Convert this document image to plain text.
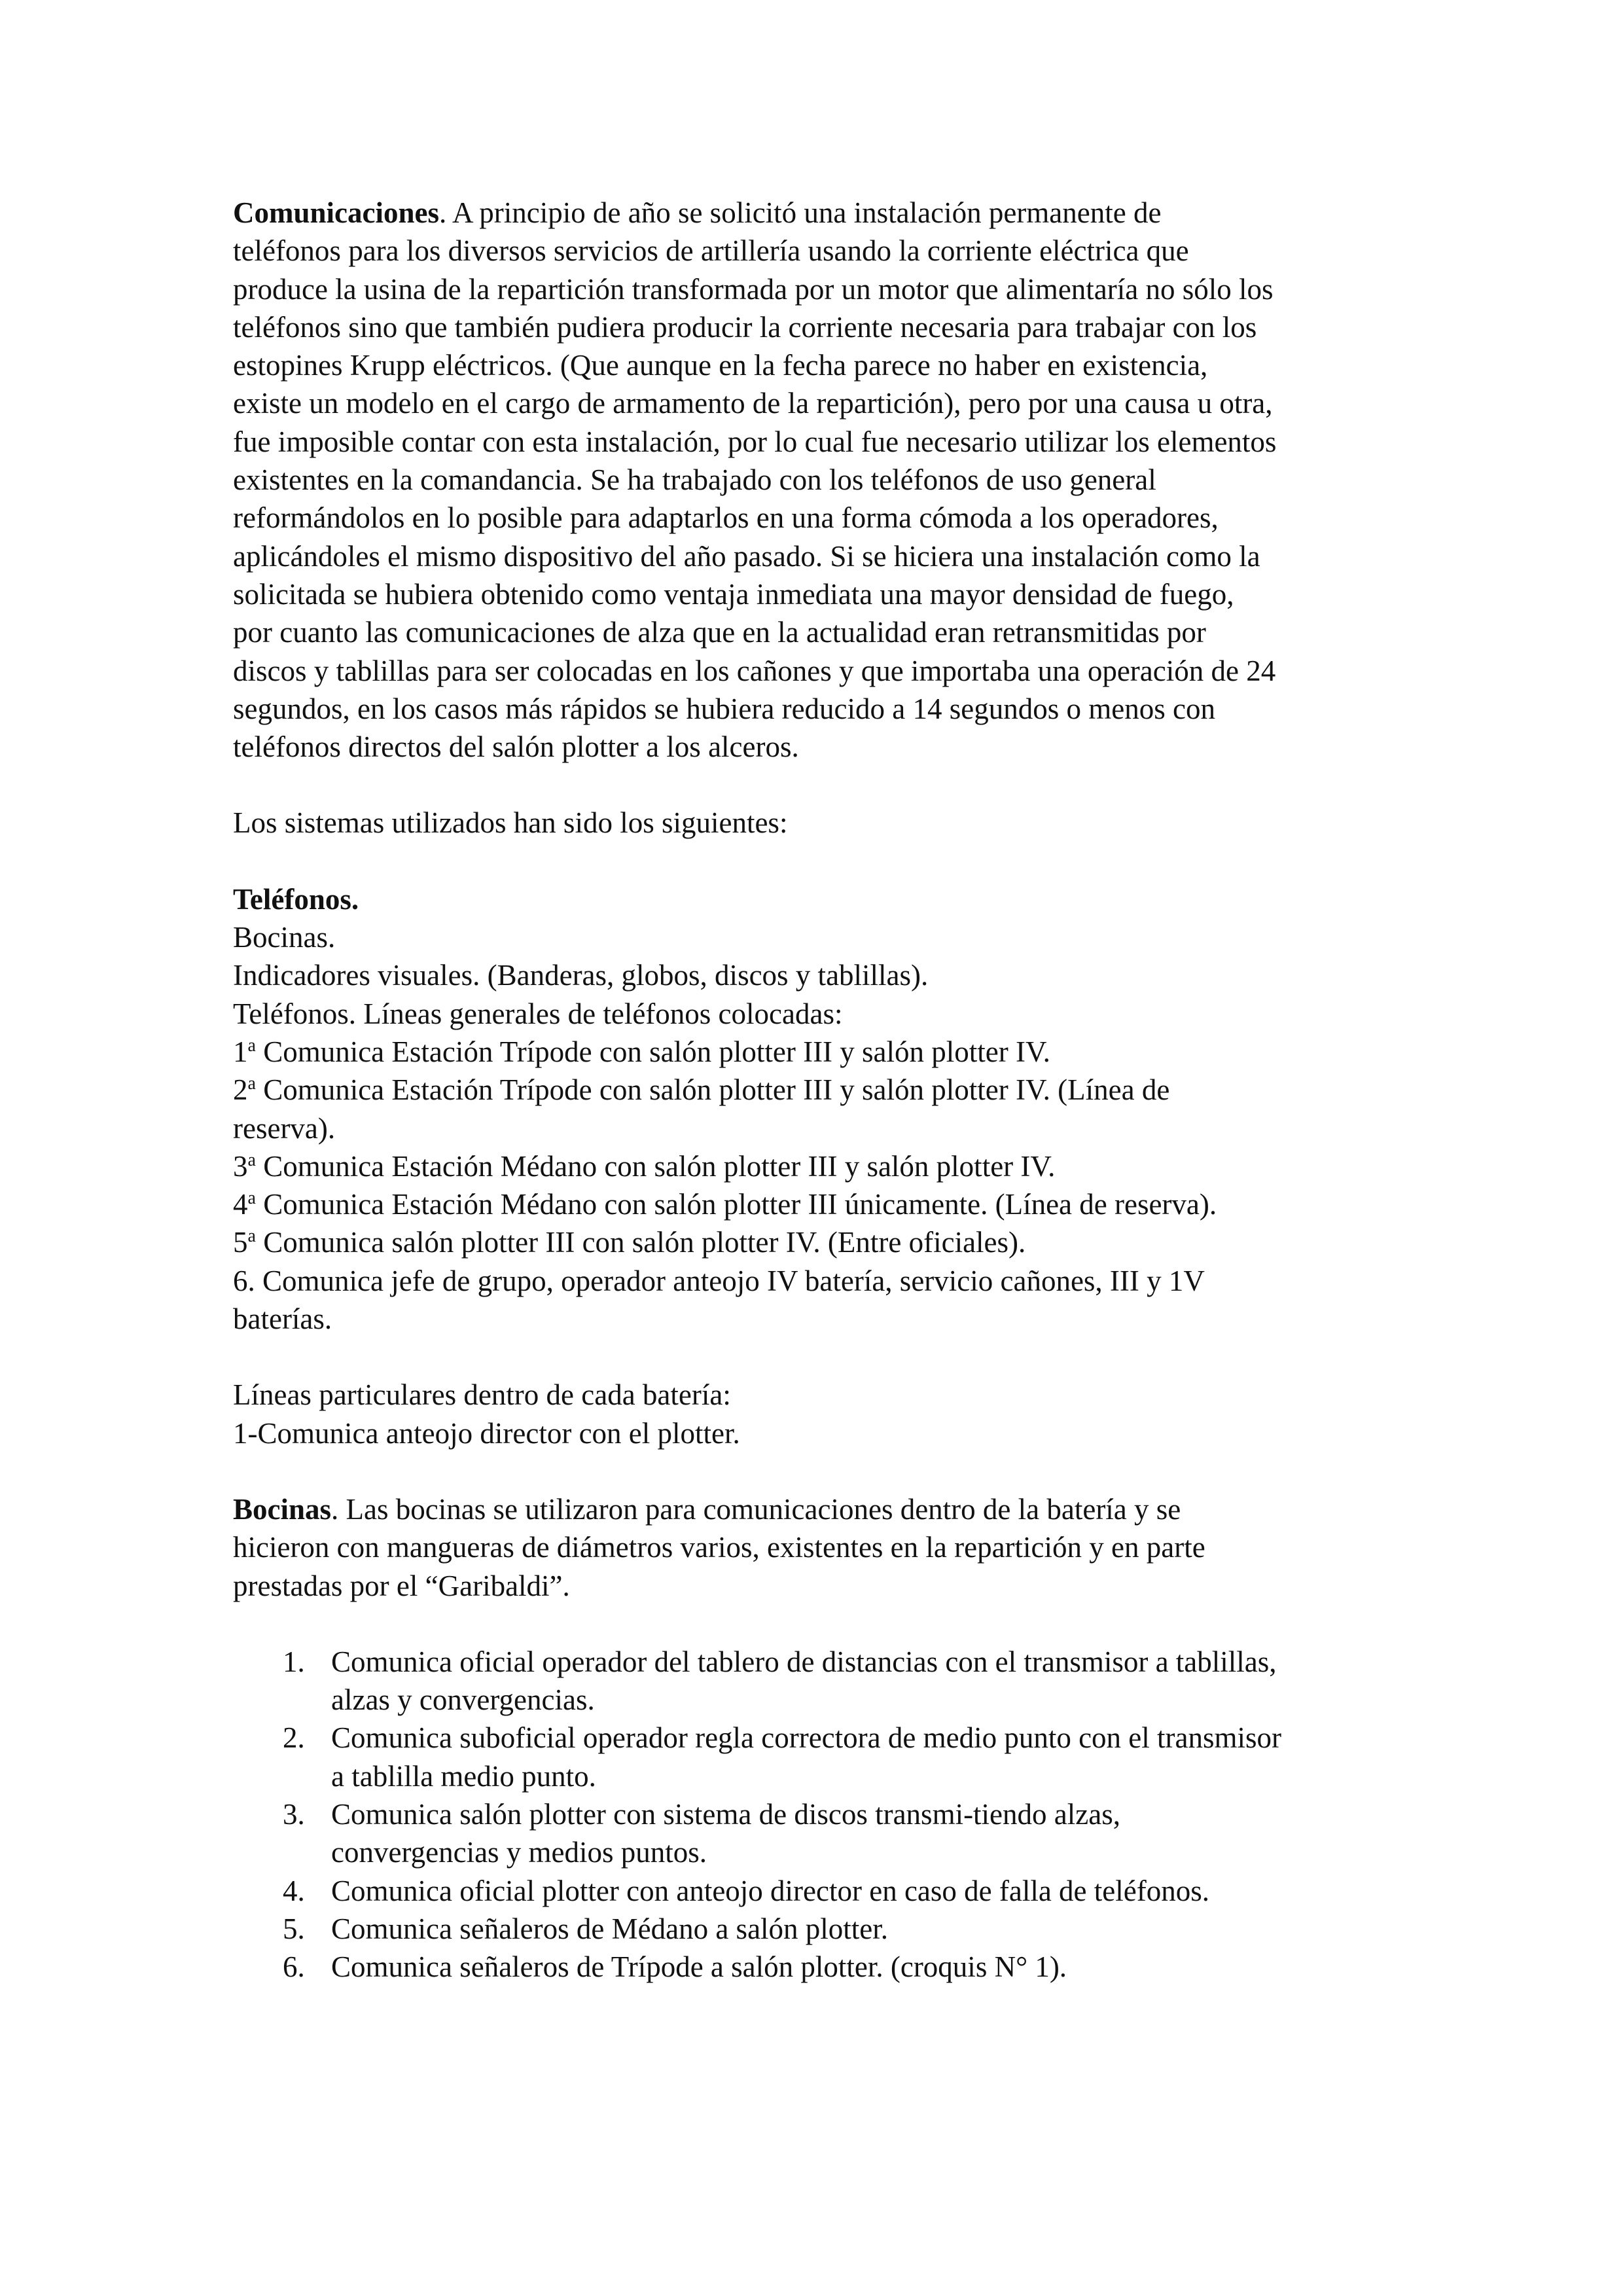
Comunicaciones. A principio de año se solicitó una instalación permanente de

teléfonos para los diversos servicios de artillería usando la corriente eléctrica que

produce la usina de la repartición transformada por un motor que alimentaría no sólo los

teléfonos sino que también pudiera producir la corriente necesaria para trabajar con los

estopines Krupp eléctricos. (Que aunque en la fecha parece no haber en existencia,

existe un modelo en el cargo de armamento de la repartición), pero por una causa u otra,

fue imposible contar con esta instalación, por lo cual fue necesario utilizar los elementos

existentes en la comandancia. Se ha trabajado con los teléfonos de uso general

reformándolos en lo posible para adaptarlos en una forma cómoda a los operadores,

aplicándoles el mismo dispositivo del año pasado. Si se hiciera una instalación como la

solicitada se hubiera obtenido como ventaja inmediata una mayor densidad de fuego,

por cuanto las comunicaciones de alza que en la actualidad eran retransmitidas por

discos y tablillas para ser colocadas en los cañones y que importaba una operación de 24

segundos, en los casos más rápidos se hubiera reducido a 14 segundos o menos con

teléfonos directos del salón plotter a los alceros.

Los sistemas utilizados han sido los siguientes:

Teléfonos.

Bocinas.

Indicadores visuales. (Banderas, globos, discos y tablillas).

Teléfonos. Líneas generales de teléfonos colocadas:

1$^a$ Comunica Estación Trípode con salón plotter III y salón plotter IV.

2$^a$ Comunica Estación Trípode con salón plotter III y salón plotter IV. (Línea de

reserva).

3$^a$ Comunica Estación Médano con salón plotter III y salón plotter IV.

4$^a$ Comunica Estación Médano con salón plotter III únicamente. (Línea de reserva).

5$^a$ Comunica salón plotter III con salón plotter IV. (Entre oficiales).

6. Comunica jefe de grupo, operador anteojo IV batería, servicio cañones, III y 1V

baterías.

Líneas particulares dentro de cada batería:

1-Comunica anteojo director con el plotter.

Bocinas. Las bocinas se utilizaron para comunicaciones dentro de la batería y se

hicieron con mangueras de diámetros varios, existentes en la repartición y en parte

prestadas por el “Garibaldi”.

1. Comunica oficial operador del tablero de distancias con el transmisor a tablillas,

alzas y convergencias.

2. Comunica suboficial operador regla correctora de medio punto con el transmisor

a tablilla medio punto.

3. Comunica salón plotter con sistema de discos transmi-tiendo alzas,

convergencias y medios puntos.

4. Comunica oficial plotter con anteojo director en caso de falla de teléfonos.

5. Comunica señaleros de Médano a salón plotter.

6. Comunica señaleros de Trípode a salón plotter. (croquis N° 1).
